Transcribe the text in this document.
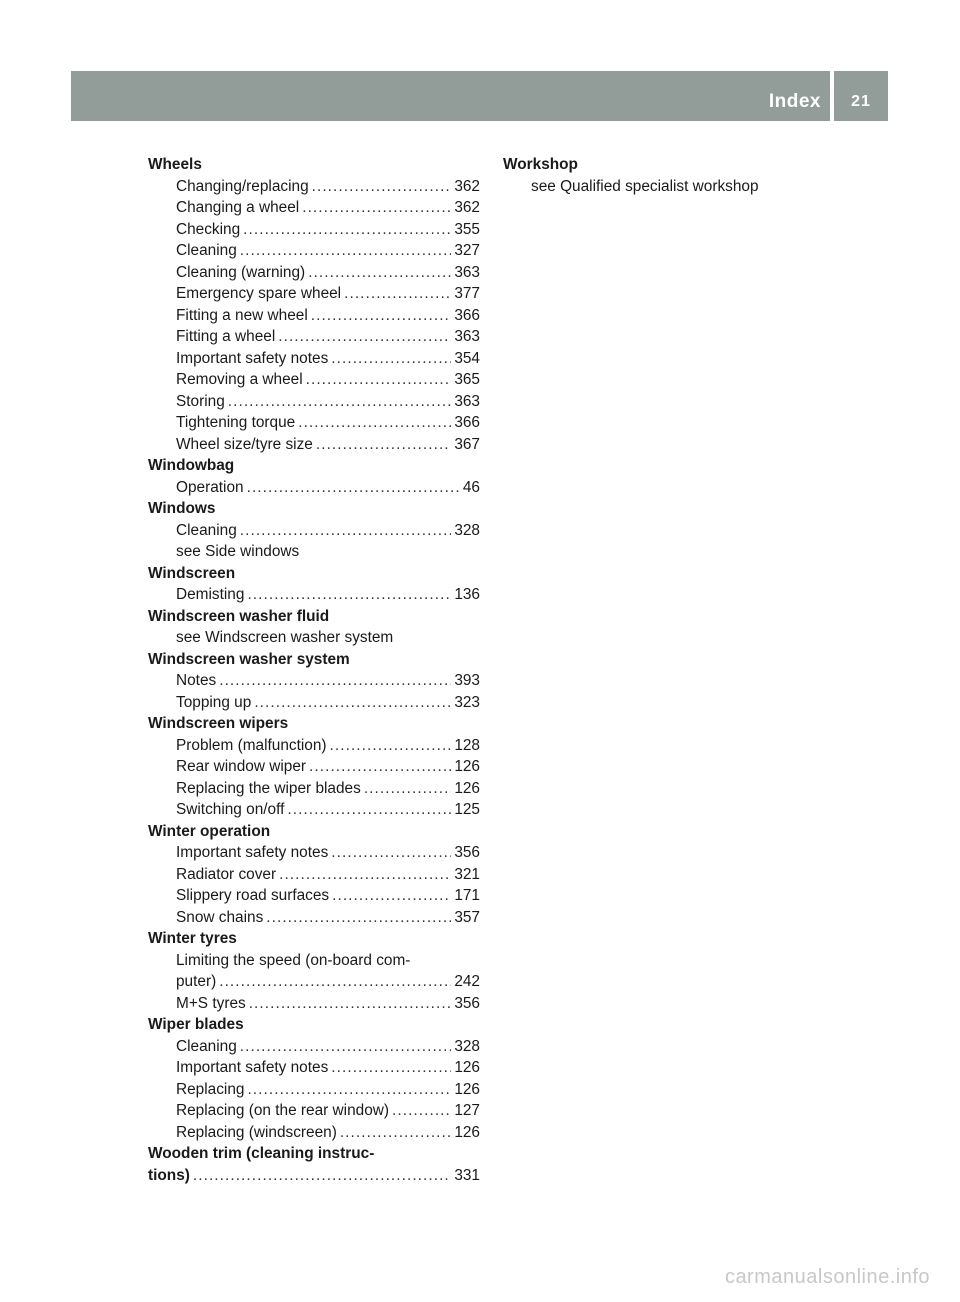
Index	21
Wheels
Changing/replacing . . .	362
Changing a wheel . . .	362
Checking . . .	355
Cleaning . . .	327
Cleaning (warning) . . .	363
Emergency spare wheel . . .	377
Fitting a new wheel . . .	366
Fitting a wheel . . .	363
Important safety notes . . .	354
Removing a wheel . . .	365
Storing . . .	363
Tightening torque . . .	366
Wheel size/tyre size . . .	367
Windowbag
Operation . . .	46
Windows
Cleaning . . .	328
see Side windows
Windscreen
Demisting . . .	136
Windscreen washer fluid
see Windscreen washer system
Windscreen washer system
Notes . . .	393
Topping up . . .	323
Windscreen wipers
Problem (malfunction) . . .	128
Rear window wiper . . .	126
Replacing the wiper blades . . .	126
Switching on/off . . .	125
Winter operation
Important safety notes . . .	356
Radiator cover . . .	321
Slippery road surfaces . . .	171
Snow chains . . .	357
Winter tyres
Limiting the speed (on-board com-
puter) . . .	242
M+S tyres . . .	356
Wiper blades
Cleaning . . .	328
Important safety notes . . .	126
Replacing . . .	126
Replacing (on the rear window) . . .	127
Replacing (windscreen) . . .	126
Wooden trim (cleaning instruc-
tions) . . .	331
Workshop
see Qualified specialist workshop
carmanualsonline.info
